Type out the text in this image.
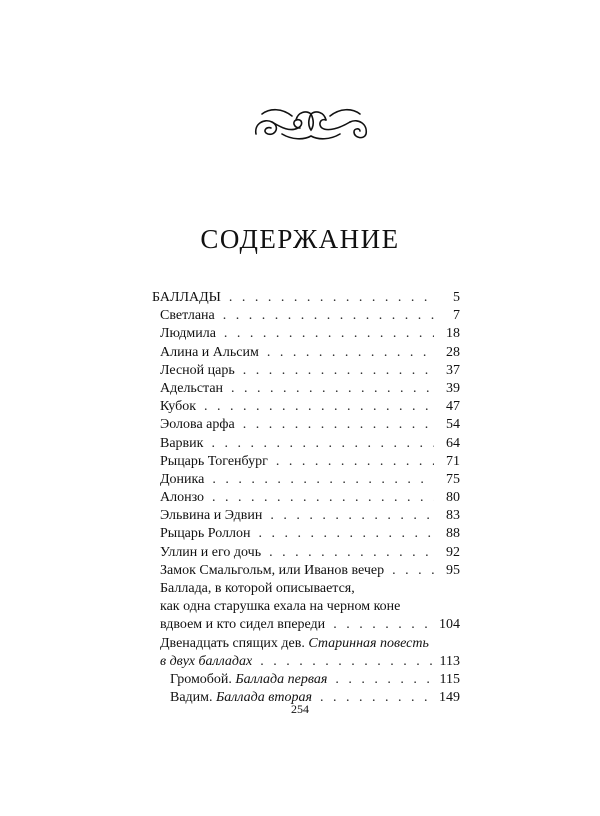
СОДЕРЖАНИЕ
БАЛЛАДЫ . . .	5
Светлана . . .	7
Людмила . . .	18
Алина и Альсим . . .	28
Лесной царь . . .	37
Адельстан . . .	39
Кубок . . .	47
Эолова арфа . . .	54
Варвик . . .	64
Рыцарь Тогенбург . . .	71
Доника . . .	75
Алонзо . . .	80
Эльвина и Эдвин . . .	83
Рыцарь Роллон . . .	88
Уллин и его дочь . . .	92
Замок Смальгольм, или Иванов вечер . . .	95
Баллада, в которой описывается,
как одна старушка ехала на черном коне
вдвоем и кто сидел впереди . . .	104
Двенадцать спящих дев. Старинная повесть
в двух балладах . . .	113
Громобой. Баллада первая . . .	115
Вадим. Баллада вторая . . .	149
254
